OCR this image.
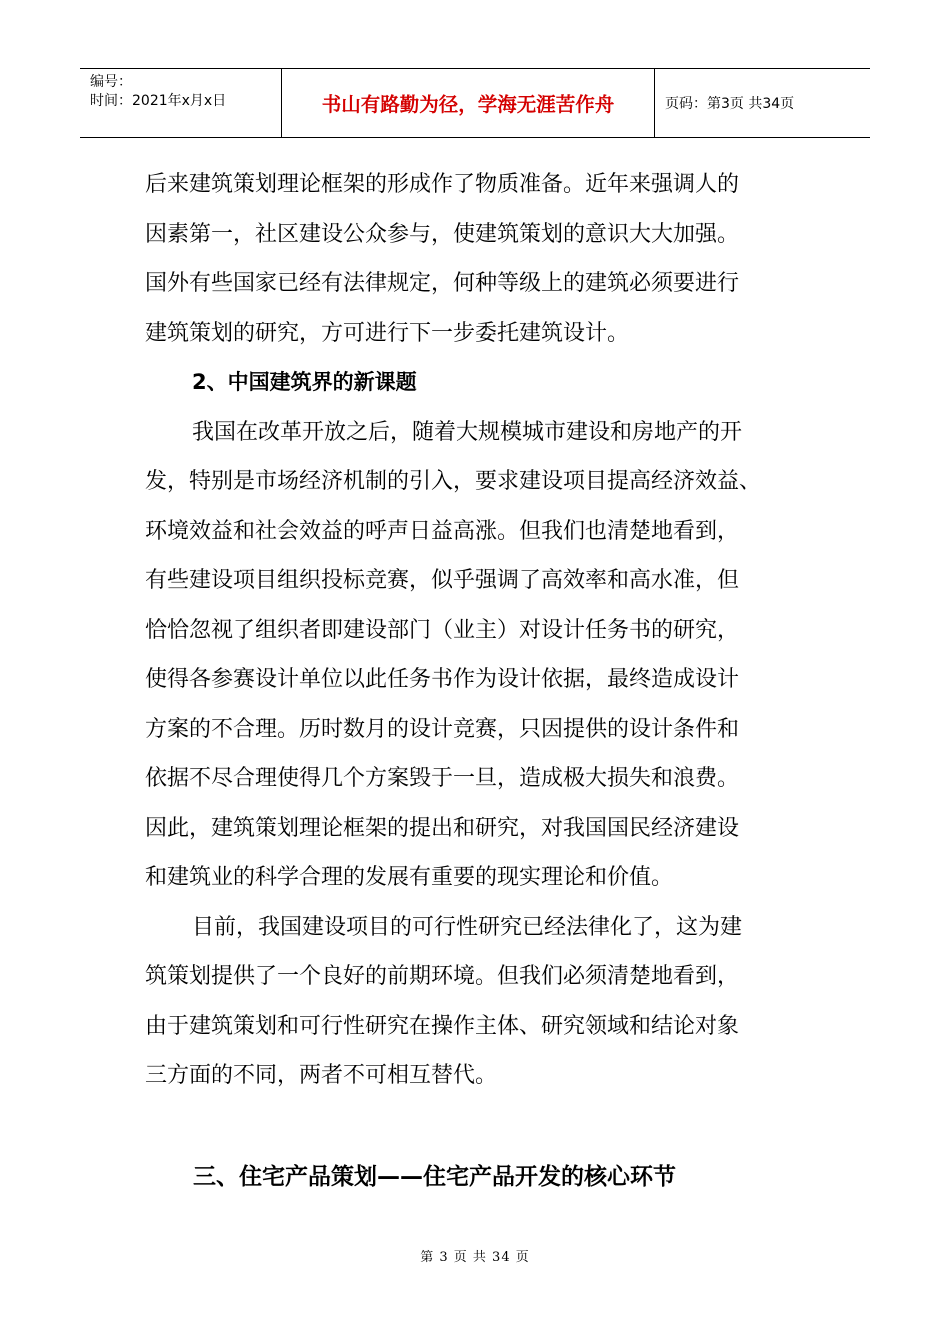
编号：
时间：2021年x月x日	书山有路勤为径，学海无涯苦作舟	页码：第3页 共34页
后来建筑策划理论框架的形成作了物质准备。近年来强调人的
因素第一，社区建设公众参与，使建筑策划的意识大大加强。
国外有些国家已经有法律规定，何种等级上的建筑必须要进行
建筑策划的研究，方可进行下一步委托建筑设计。
2、中国建筑界的新课题
我国在改革开放之后，随着大规模城市建设和房地产的开
发，特别是市场经济机制的引入，要求建设项目提高经济效益、
环境效益和社会效益的呼声日益高涨。但我们也清楚地看到，
有些建设项目组织投标竞赛，似乎强调了高效率和高水准，但
恰恰忽视了组织者即建设部门（业主）对设计任务书的研究，
使得各参赛设计单位以此任务书作为设计依据，最终造成设计
方案的不合理。历时数月的设计竞赛，只因提供的设计条件和
依据不尽合理使得几个方案毁于一旦，造成极大损失和浪费。
因此，建筑策划理论框架的提出和研究，对我国国民经济建设
和建筑业的科学合理的发展有重要的现实理论和价值。
目前，我国建设项目的可行性研究已经法律化了，这为建
筑策划提供了一个良好的前期环境。但我们必须清楚地看到，
由于建筑策划和可行性研究在操作主体、研究领域和结论对象
三方面的不同，两者不可相互替代。
三、住宅产品策划——住宅产品开发的核心环节
第 3 页 共 34 页
